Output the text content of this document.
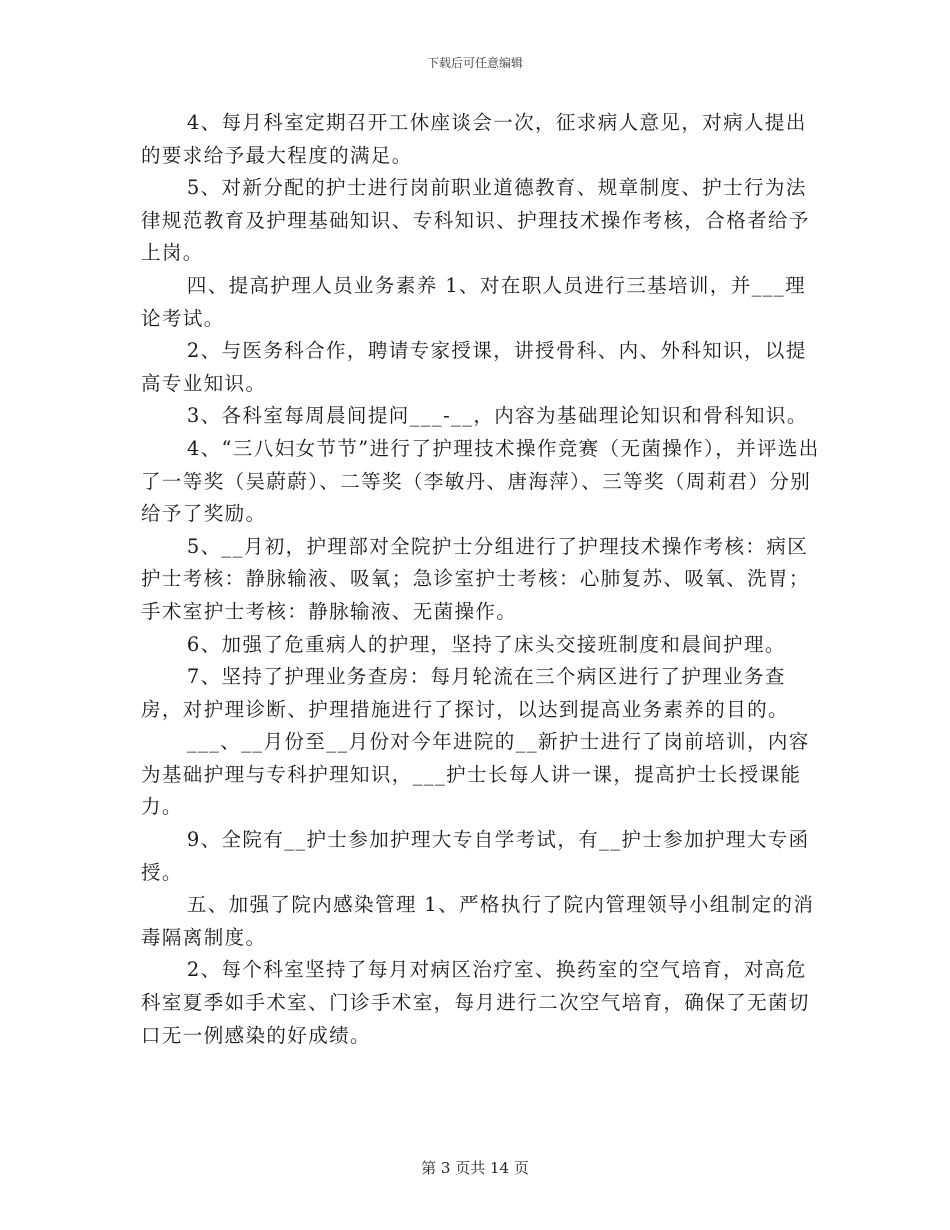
下载后可任意编辑

4、每月科室定期召开工休座谈会一次，征求病人意见，对病人提出的要求给予最大程度的满足。

5、对新分配的护士进行岗前职业道德教育、规章制度、护士行为法律规范教育及护理基础知识、专科知识、护理技术操作考核，合格者给予上岗。

四、提高护理人员业务素养 1、对在职人员进行三基培训，并___理论考试。

2、与医务科合作，聘请专家授课，讲授骨科、内、外科知识，以提高专业知识。

3、各科室每周晨间提问___-__，内容为基础理论知识和骨科知识。

4、“三八妇女节节”进行了护理技术操作竞赛（无菌操作），并评选出了一等奖（吴蔚蔚）、二等奖（李敏丹、唐海萍）、三等奖（周莉君）分别给予了奖励。

5、__月初，护理部对全院护士分组进行了护理技术操作考核：病区护士考核：静脉输液、吸氧；急诊室护士考核：心肺复苏、吸氧、洗胃；手术室护士考核：静脉输液、无菌操作。

6、加强了危重病人的护理，坚持了床头交接班制度和晨间护理。

7、坚持了护理业务查房：每月轮流在三个病区进行了护理业务查房，对护理诊断、护理措施进行了探讨，以达到提高业务素养的目的。

___、__月份至__月份对今年进院的__新护士进行了岗前培训，内容为基础护理与专科护理知识，___护士长每人讲一课，提高护士长授课能力。

9、全院有__护士参加护理大专自学考试，有__护士参加护理大专函授。

五、加强了院内感染管理 1、严格执行了院内管理领导小组制定的消毒隔离制度。

2、每个科室坚持了每月对病区治疗室、换药室的空气培育，对高危科室夏季如手术室、门诊手术室，每月进行二次空气培育，确保了无菌切口无一例感染的好成绩。

第 3 页共 14 页
